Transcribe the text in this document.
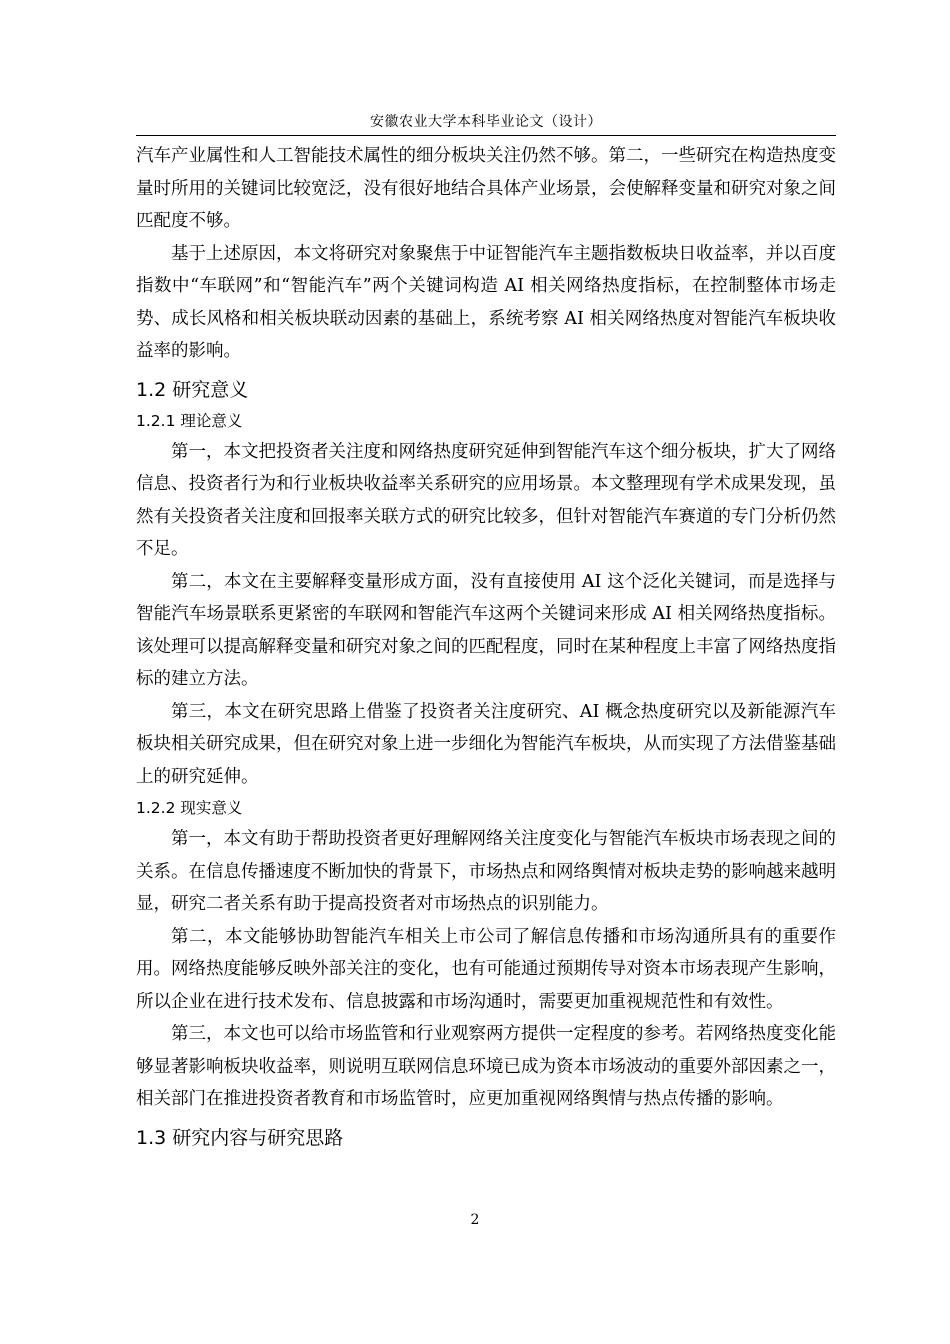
安徽农业大学本科毕业论文（设计）

汽车产业属性和人工智能技术属性的细分板块关注仍然不够。第二，一些研究在构造热度变量时所用的关键词比较宽泛，没有很好地结合具体产业场景，会使解释变量和研究对象之间匹配度不够。

基于上述原因，本文将研究对象聚焦于中证智能汽车主题指数板块日收益率，并以百度指数中“车联网”和“智能汽车”两个关键词构造 AI 相关网络热度指标，在控制整体市场走势、成长风格和相关板块联动因素的基础上，系统考察 AI 相关网络热度对智能汽车板块收益率的影响。

1.2 研究意义
1.2.1 理论意义

第一，本文把投资者关注度和网络热度研究延伸到智能汽车这个细分板块，扩大了网络信息、投资者行为和行业板块收益率关系研究的应用场景。本文整理现有学术成果发现，虽然有关投资者关注度和回报率关联方式的研究比较多，但针对智能汽车赛道的专门分析仍然不足。

第二，本文在主要解释变量形成方面，没有直接使用 AI 这个泛化关键词，而是选择与智能汽车场景联系更紧密的车联网和智能汽车这两个关键词来形成 AI 相关网络热度指标。该处理可以提高解释变量和研究对象之间的匹配程度，同时在某种程度上丰富了网络热度指标的建立方法。

第三，本文在研究思路上借鉴了投资者关注度研究、AI 概念热度研究以及新能源汽车板块相关研究成果，但在研究对象上进一步细化为智能汽车板块，从而实现了方法借鉴基础上的研究延伸。

1.2.2 现实意义

第一，本文有助于帮助投资者更好理解网络关注度变化与智能汽车板块市场表现之间的关系。在信息传播速度不断加快的背景下，市场热点和网络舆情对板块走势的影响越来越明显，研究二者关系有助于提高投资者对市场热点的识别能力。

第二，本文能够协助智能汽车相关上市公司了解信息传播和市场沟通所具有的重要作用。网络热度能够反映外部关注的变化，也有可能通过预期传导对资本市场表现产生影响，所以企业在进行技术发布、信息披露和市场沟通时，需要更加重视规范性和有效性。

第三，本文也可以给市场监管和行业观察两方提供一定程度的参考。若网络热度变化能够显著影响板块收益率，则说明互联网信息环境已成为资本市场波动的重要外部因素之一，相关部门在推进投资者教育和市场监管时，应更加重视网络舆情与热点传播的影响。

1.3 研究内容与研究思路
2
